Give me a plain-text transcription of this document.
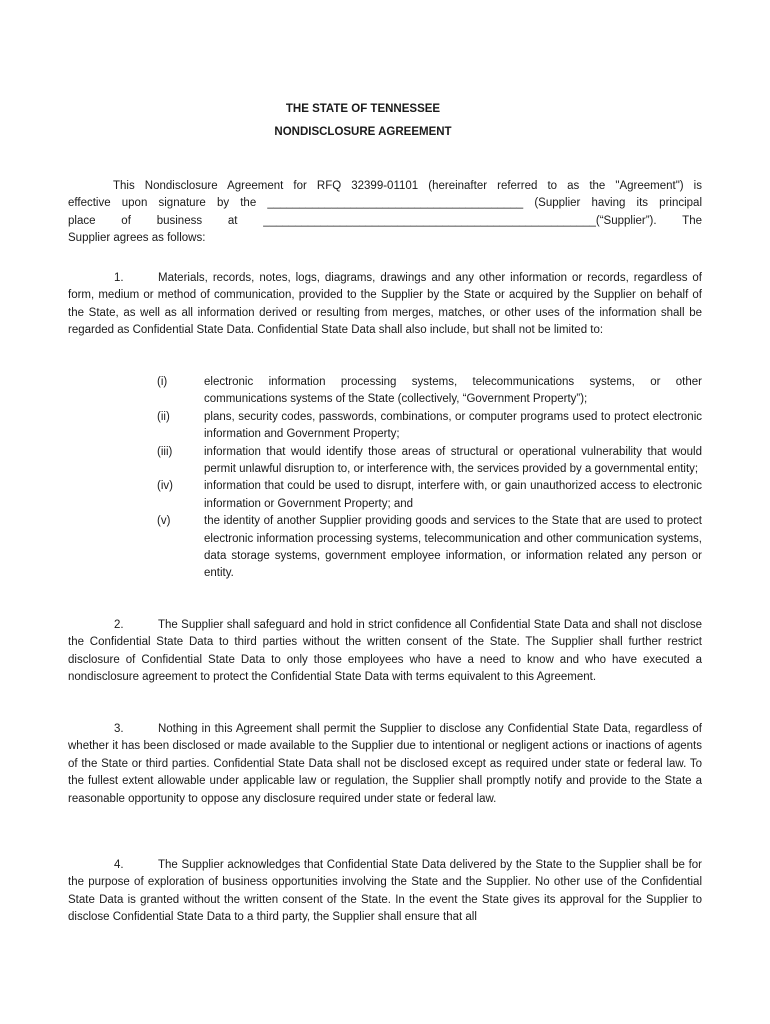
THE STATE OF TENNESSEE
NONDISCLOSURE AGREEMENT
This Nondisclosure Agreement for RFQ 32399-01101 (hereinafter referred to as the "Agreement") is
effective upon signature by the ________________________________________ (Supplier having its principal
place of business at ____________________________________________________(“Supplier”). The
Supplier agrees as follows:
1.	Materials, records, notes, logs, diagrams, drawings and any other information or records, regardless of form, medium or method of communication, provided to the Supplier by the State or acquired by the Supplier on behalf of the State, as well as all information derived or resulting from merges, matches, or other uses of the information shall be regarded as Confidential State Data. Confidential State Data shall also include, but shall not be limited to:
(i)	electronic information processing systems, telecommunications systems, or other communications systems of the State (collectively, “Government Property”);
(ii)	plans, security codes, passwords, combinations, or computer programs used to protect electronic information and Government Property;
(iii)	information that would identify those areas of structural or operational vulnerability that would permit unlawful disruption to, or interference with, the services provided by a governmental entity;
(iv)	information that could be used to disrupt, interfere with, or gain unauthorized access to electronic information or Government Property; and
(v)	the identity of another Supplier providing goods and services to the State that are used to protect electronic information processing systems, telecommunication and other communication systems, data storage systems, government employee information, or information related any person or entity.
2.	The Supplier shall safeguard and hold in strict confidence all Confidential State Data and shall not disclose the Confidential State Data to third parties without the written consent of the State. The Supplier shall further restrict disclosure of Confidential State Data to only those employees who have a need to know and who have executed a nondisclosure agreement to protect the Confidential State Data with terms equivalent to this Agreement.
3.	Nothing in this Agreement shall permit the Supplier to disclose any Confidential State Data, regardless of whether it has been disclosed or made available to the Supplier due to intentional or negligent actions or inactions of agents of the State or third parties. Confidential State Data shall not be disclosed except as required under state or federal law. To the fullest extent allowable under applicable law or regulation, the Supplier shall promptly notify and provide to the State a reasonable opportunity to oppose any disclosure required under state or federal law.
4.	The Supplier acknowledges that Confidential State Data delivered by the State to the Supplier shall be for the purpose of exploration of business opportunities involving the State and the Supplier. No other use of the Confidential State Data is granted without the written consent of the State. In the event the State gives its approval for the Supplier to disclose Confidential State Data to a third party, the Supplier shall ensure that all
